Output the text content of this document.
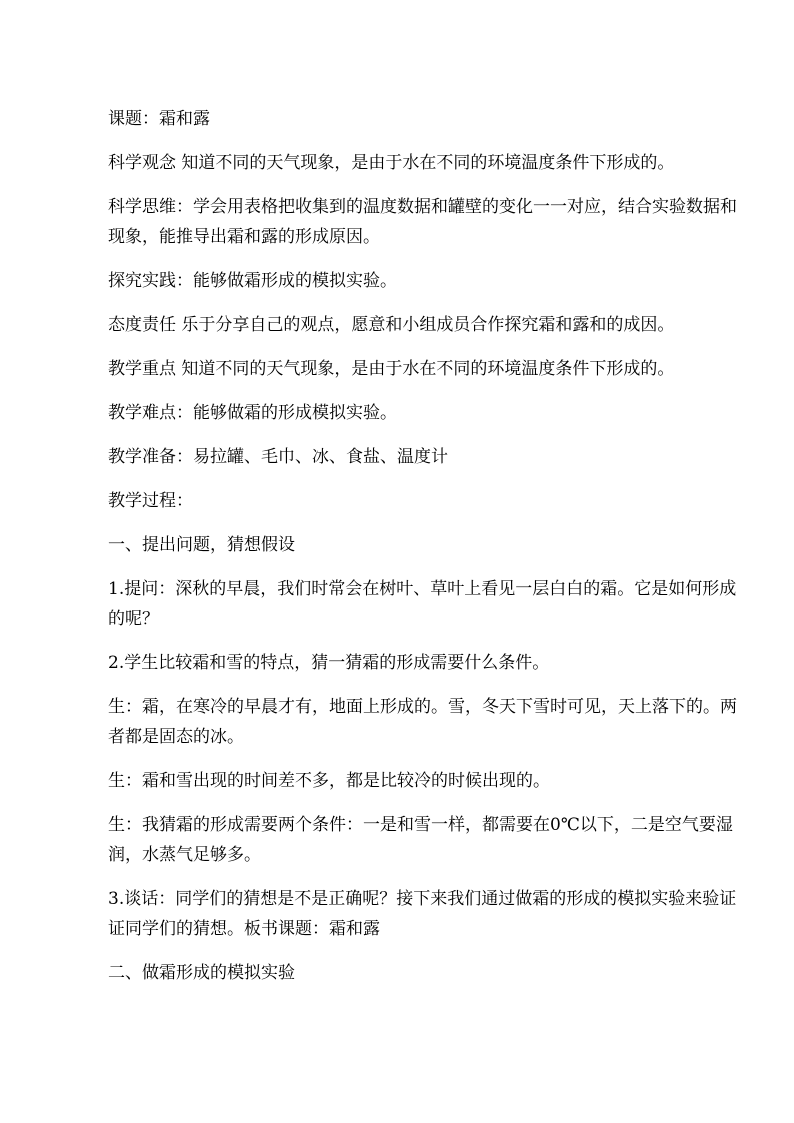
课题：霜和露

科学观念 知道不同的天气现象，是由于水在不同的环境温度条件下形成的。

科学思维：学会用表格把收集到的温度数据和罐壁的变化一一对应，结合实验数据和现象，能推导出霜和露的形成原因。

探究实践：能够做霜形成的模拟实验。

态度责任 乐于分享自己的观点，愿意和小组成员合作探究霜和露和的成因。

教学重点 知道不同的天气现象，是由于水在不同的环境温度条件下形成的。

教学难点：能够做霜的形成模拟实验。

教学准备：易拉罐、毛巾、冰、食盐、温度计

教学过程：

一、提出问题，猜想假设

1.提问：深秋的早晨，我们时常会在树叶、草叶上看见一层白白的霜。它是如何形成的呢？

2.学生比较霜和雪的特点，猜一猜霜的形成需要什么条件。

生：霜，在寒冷的早晨才有，地面上形成的。雪，冬天下雪时可见，天上落下的。两者都是固态的冰。

生：霜和雪出现的时间差不多，都是比较冷的时候出现的。

生：我猜霜的形成需要两个条件：一是和雪一样，都需要在0℃以下，二是空气要湿润，水蒸气足够多。

3.谈话：同学们的猜想是不是正确呢？接下来我们通过做霜的形成的模拟实验来验证证同学们的猜想。板书课题：霜和露

二、做霜形成的模拟实验
